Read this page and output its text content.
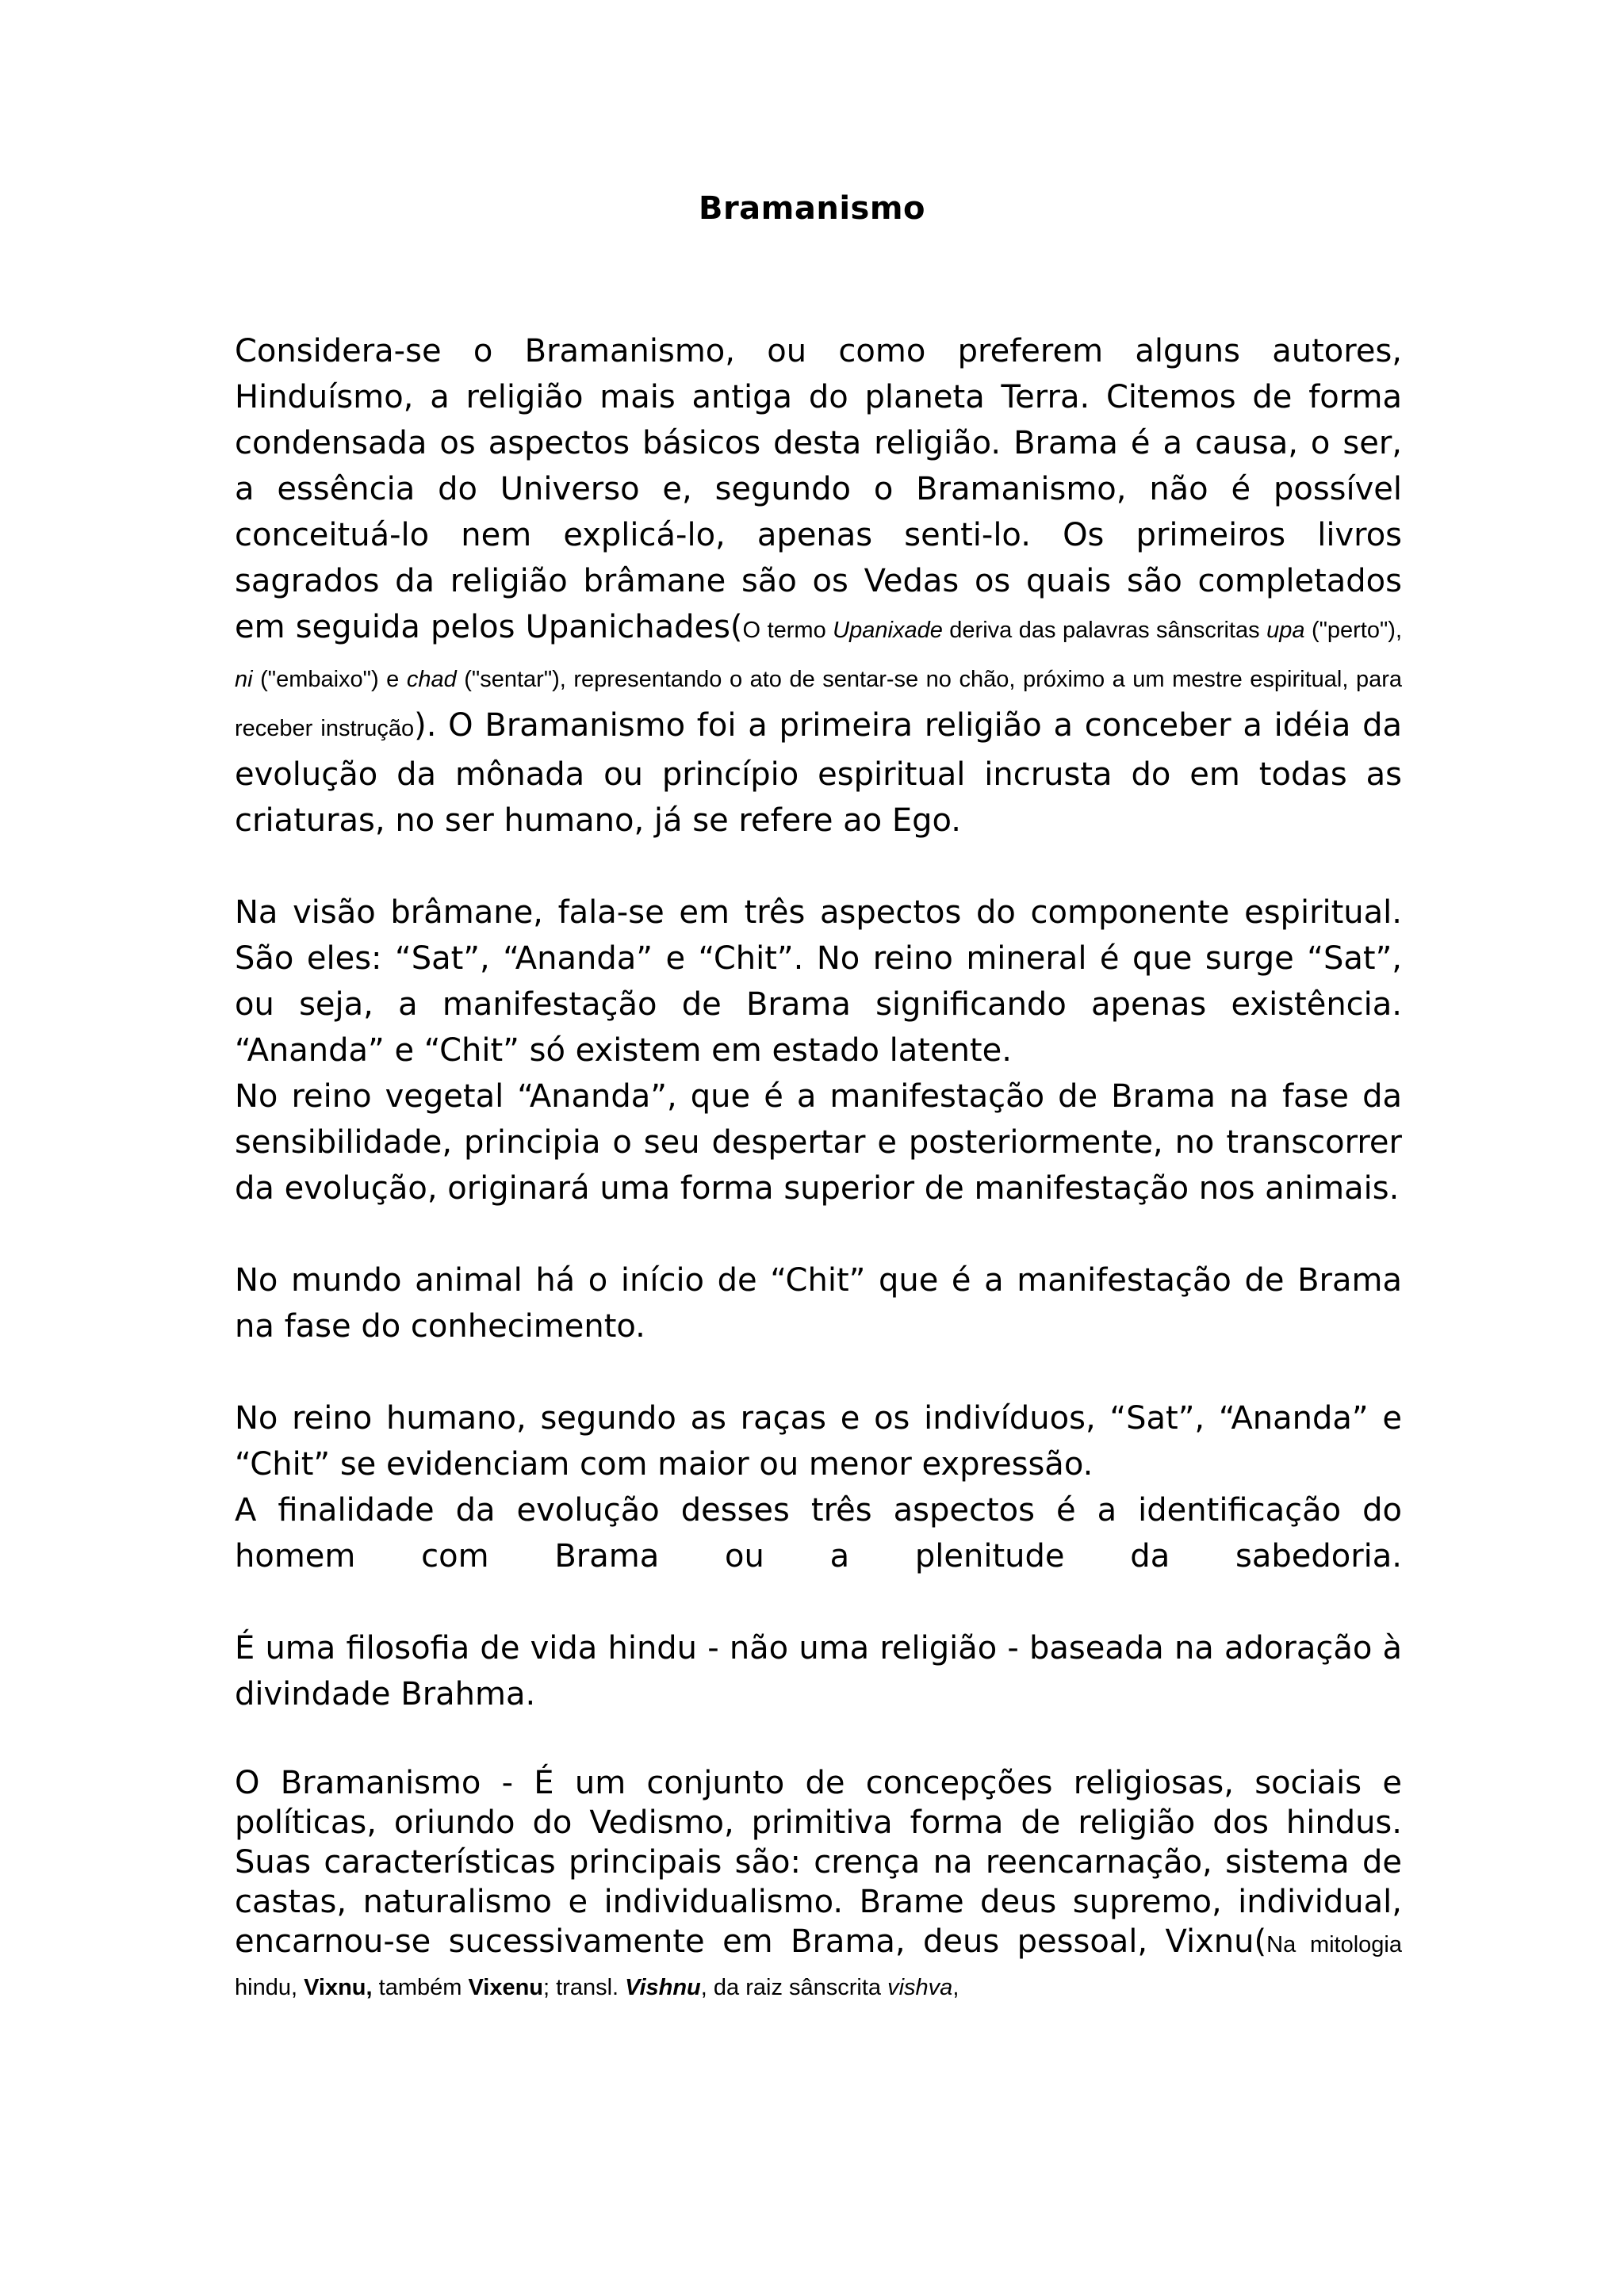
Bramanismo

Considera-se o Bramanismo, ou como preferem alguns autores, Hinduísmo, a religião mais antiga do planeta Terra. Citemos de forma condensada os aspectos básicos desta religião. Brama é a causa, o ser, a essência do Universo e, segundo o Bramanismo, não é possível conceituá-lo nem explicá-lo, apenas senti-lo. Os primeiros livros sagrados da religião brâmane são os Vedas os quais são completados em seguida pelos Upanichades(O termo Upanixade deriva das palavras sânscritas upa ("perto"), ni ("embaixo") e chad ("sentar"), representando o ato de sentar-se no chão, próximo a um mestre espiritual, para receber instrução). O Bramanismo foi a primeira religião a conceber a idéia da evolução da mônada ou princípio espiritual incrusta do em todas as criaturas, no ser humano, já se refere ao Ego.

Na visão brâmane, fala-se em três aspectos do componente espiritual. São eles: “Sat”, “Ananda” e “Chit”. No reino mineral é que surge “Sat”, ou seja, a manifestação de Brama significando apenas existência. “Ananda” e “Chit” só existem em estado latente.

No reino vegetal “Ananda”, que é a manifestação de Brama na fase da sensibilidade, principia o seu despertar e posteriormente, no transcorrer da evolução, originará uma forma superior de manifestação nos animais.

No mundo animal há o início de “Chit” que é a manifestação de Brama na fase do conhecimento.

No reino humano, segundo as raças e os indivíduos, “Sat”, “Ananda” e “Chit” se evidenciam com maior ou menor expressão.

A finalidade da evolução desses três aspectos é a identificação do homem com Brama ou a plenitude da sabedoria.

É uma filosofia de vida hindu - não uma religião - baseada na adoração à divindade Brahma.

O Bramanismo - É um conjunto de concepções religiosas, sociais e políticas, oriundo do Vedismo, primitiva forma de religião dos hindus. Suas características principais são: crença na reencarnação, sistema de castas, naturalismo e individualismo. Brame deus supremo, individual, encarnou-se sucessivamente em Brama, deus pessoal, Vixnu(Na mitologia hindu, Vixnu, também Vixenu; transl. Vishnu, da raiz sânscrita vishva,
